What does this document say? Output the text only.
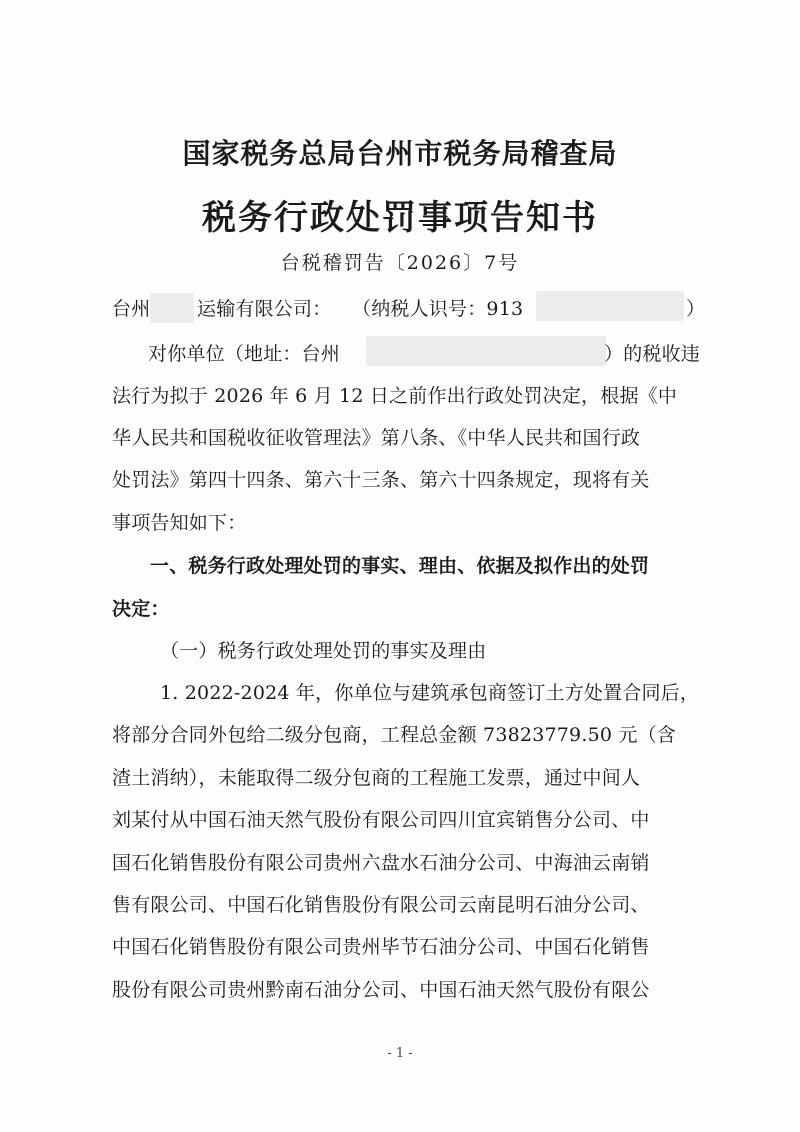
国家税务总局台州市税务局稽查局
税务行政处罚事项告知书
台税稽罚告〔2026〕7号
台州 运输有限公司： （纳税人识号：913	）
对你单位（地址：台州	）的税收违
法行为拟于 2026 年 6 月 12 日之前作出行政处罚决定，根据《中
华人民共和国税收征收管理法》第八条、《中华人民共和国行政
处罚法》第四十四条、第六十三条、第六十四条规定，现将有关
事项告知如下：
一、税务行政处理处罚的事实、理由、依据及拟作出的处罚
决定：
（一）税务行政处理处罚的事实及理由
1. 2022-2024 年，你单位与建筑承包商签订土方处置合同后，
将部分合同外包给二级分包商，工程总金额 73823779.50 元（含
渣土消纳），未能取得二级分包商的工程施工发票，通过中间人
刘某付从中国石油天然气股份有限公司四川宜宾销售分公司、中
国石化销售股份有限公司贵州六盘水石油分公司、中海油云南销
售有限公司、中国石化销售股份有限公司云南昆明石油分公司、
中国石化销售股份有限公司贵州毕节石油分公司、中国石化销售
股份有限公司贵州黔南石油分公司、中国石油天然气股份有限公
- 1 -
